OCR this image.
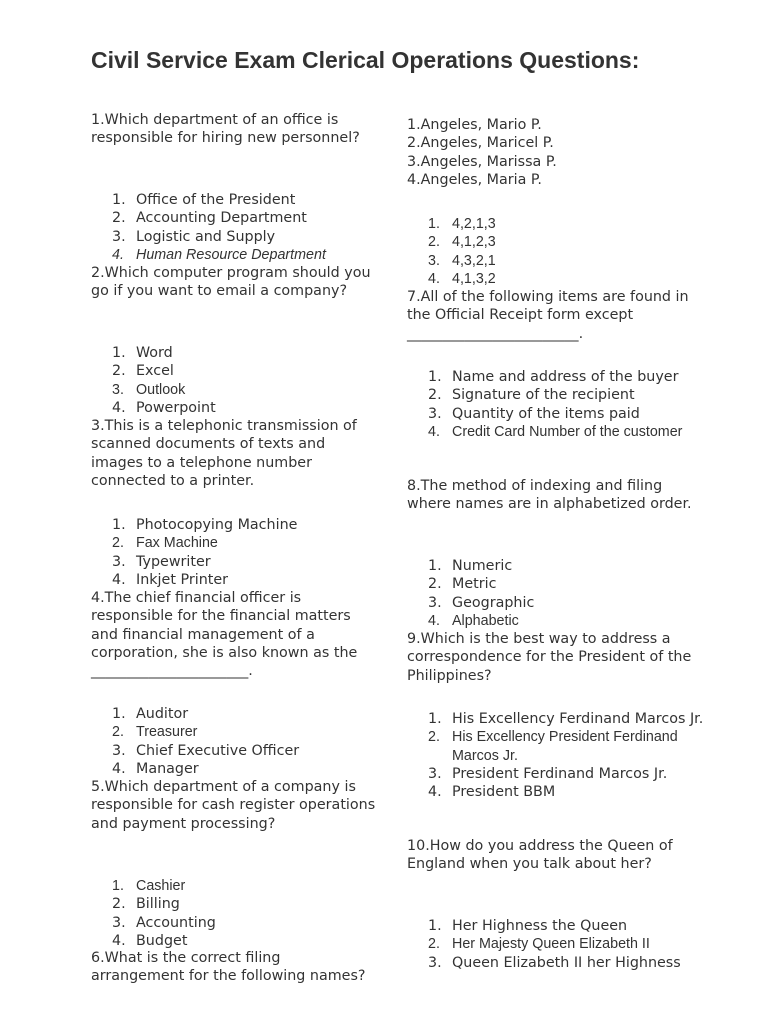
Civil Service Exam Clerical Operations Questions:

1.Which department of an office is responsible for hiring new personnel?

1. Office of the President
2. Accounting Department
3. Logistic and Supply
4. Human Resource Department

2.Which computer program should you go if you want to email a company?

1. Word
2. Excel
3. Outlook
4. Powerpoint

3.This is a telephonic transmission of scanned documents of texts and images to a telephone number connected to a printer.

1. Photocopying Machine
2. Fax Machine
3. Typewriter
4. Inkjet Printer

4.The chief financial officer is responsible for the financial matters and financial management of a corporation, she is also known as the ______________________.

1. Auditor
2. Treasurer
3. Chief Executive Officer
4. Manager

5.Which department of a company is responsible for cash register operations and payment processing?

1. Cashier
2. Billing
3. Accounting
4. Budget

6.What is the correct filing arrangement for the following names?

1.Angeles, Mario P.
2.Angeles, Maricel P.
3.Angeles, Marissa P.
4.Angeles, Maria P.
1. 4,2,1,3
2. 4,1,2,3
3. 4,3,2,1
4. 4,1,3,2

7.All of the following items are found in the Official Receipt form except ________________________.

1. Name and address of the buyer
2. Signature of the recipient
3. Quantity of the items paid
4. Credit Card Number of the customer

8.The method of indexing and filing where names are in alphabetized order.

1. Numeric
2. Metric
3. Geographic
4. Alphabetic

9.Which is the best way to address a correspondence for the President of the Philippines?

1. His Excellency Ferdinand Marcos Jr.
2. His Excellency President Ferdinand Marcos Jr.
3. President Ferdinand Marcos Jr.
4. President BBM

10.How do you address the Queen of England when you talk about her?

1. Her Highness the Queen
2. Her Majesty Queen Elizabeth II
3. Queen Elizabeth II her Highness
